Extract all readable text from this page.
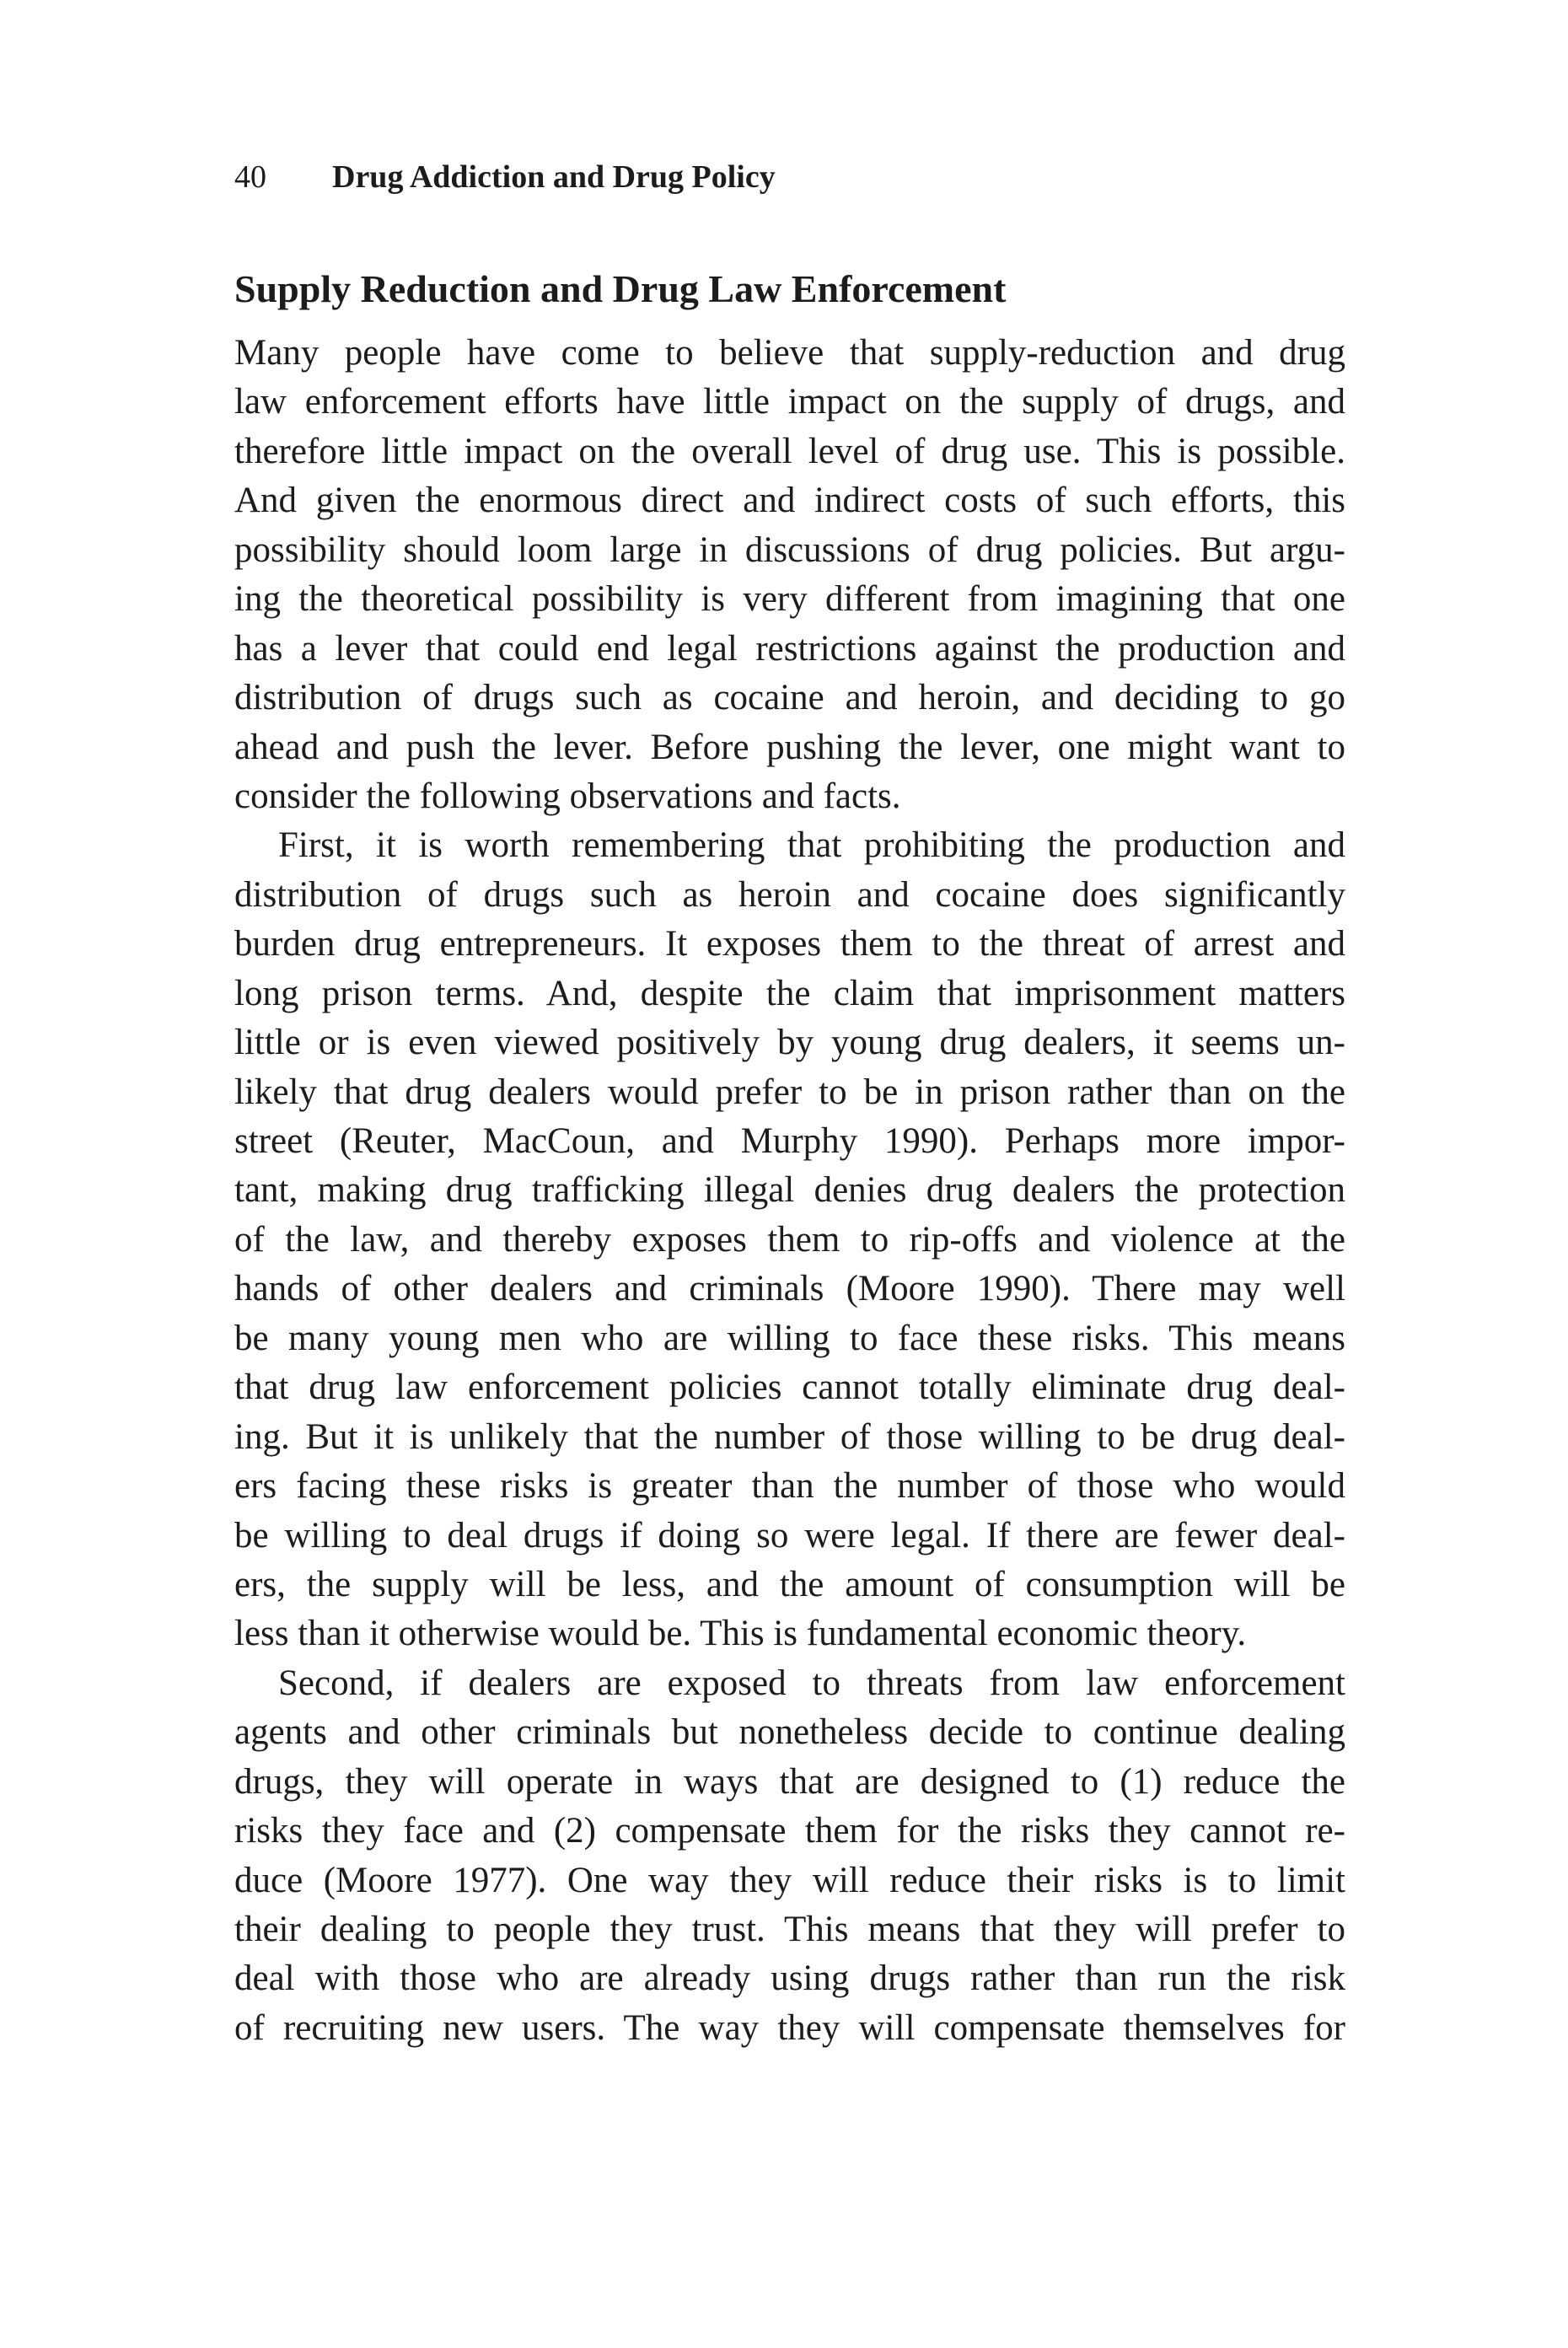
40 Drug Addiction and Drug Policy
Supply Reduction and Drug Law Enforcement
Many people have come to believe that supply-reduction and drug
law enforcement efforts have little impact on the supply of drugs, and
therefore little impact on the overall level of drug use. This is possible.
And given the enormous direct and indirect costs of such efforts, this
possibility should loom large in discussions of drug policies. But argu-
ing the theoretical possibility is very different from imagining that one
has a lever that could end legal restrictions against the production and
distribution of drugs such as cocaine and heroin, and deciding to go
ahead and push the lever. Before pushing the lever, one might want to
consider the following observations and facts.
First, it is worth remembering that prohibiting the production and
distribution of drugs such as heroin and cocaine does significantly
burden drug entrepreneurs. It exposes them to the threat of arrest and
long prison terms. And, despite the claim that imprisonment matters
little or is even viewed positively by young drug dealers, it seems un-
likely that drug dealers would prefer to be in prison rather than on the
street (Reuter, MacCoun, and Murphy 1990). Perhaps more impor-
tant, making drug trafficking illegal denies drug dealers the protection
of the law, and thereby exposes them to rip-offs and violence at the
hands of other dealers and criminals (Moore 1990). There may well
be many young men who are willing to face these risks. This means
that drug law enforcement policies cannot totally eliminate drug deal-
ing. But it is unlikely that the number of those willing to be drug deal-
ers facing these risks is greater than the number of those who would
be willing to deal drugs if doing so were legal. If there are fewer deal-
ers, the supply will be less, and the amount of consumption will be
less than it otherwise would be. This is fundamental economic theory.
Second, if dealers are exposed to threats from law enforcement
agents and other criminals but nonetheless decide to continue dealing
drugs, they will operate in ways that are designed to (1) reduce the
risks they face and (2) compensate them for the risks they cannot re-
duce (Moore 1977). One way they will reduce their risks is to limit
their dealing to people they trust. This means that they will prefer to
deal with those who are already using drugs rather than run the risk
of recruiting new users. The way they will compensate themselves for
